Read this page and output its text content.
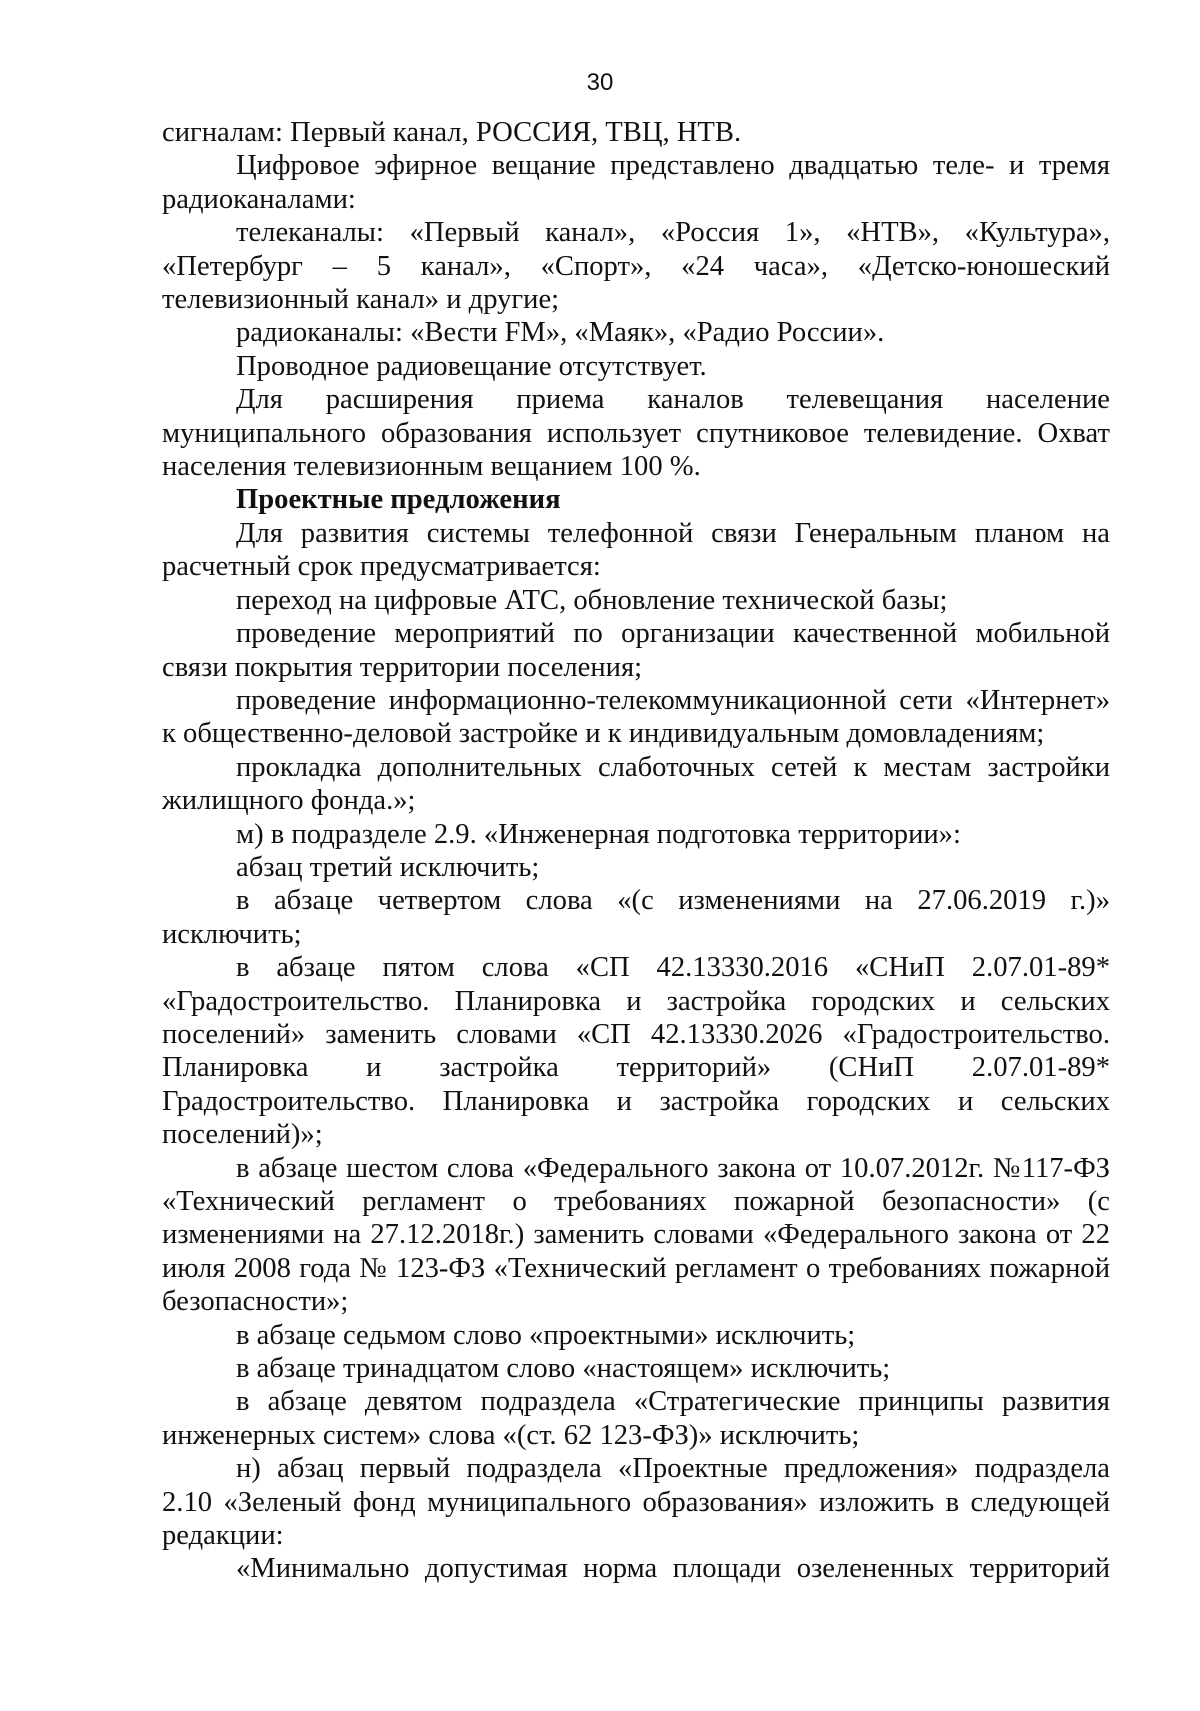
30

сигналам: Первый канал, РОССИЯ, ТВЦ, НТВ.

Цифровое эфирное вещание представлено двадцатью теле- и тремя радиоканалами:

телеканалы: «Первый канал», «Россия 1», «НТВ», «Культура», «Петербург – 5 канал», «Спорт», «24 часа», «Детско-юношеский телевизионный канал» и другие;

радиоканалы: «Вести FM», «Маяк», «Радио России».

Проводное радиовещание отсутствует.

Для расширения приема каналов телевещания население муниципального образования использует спутниковое телевидение. Охват населения телевизионным вещанием 100 %.

Проектные предложения

Для развития системы телефонной связи Генеральным планом на расчетный срок предусматривается:

переход на цифровые АТС, обновление технической базы;

проведение мероприятий по организации качественной мобильной связи покрытия территории поселения;

проведение информационно-телекоммуникационной сети «Интернет» к общественно-деловой застройке и к индивидуальным домовладениям;

прокладка дополнительных слаботочных сетей к местам застройки жилищного фонда.»;

м) в подразделе 2.9. «Инженерная подготовка территории»:

абзац третий исключить;

в абзаце четвертом слова «(с изменениями на 27.06.2019 г.)» исключить;

в абзаце пятом слова «СП 42.13330.2016 «СНиП 2.07.01-89* «Градостроительство. Планировка и застройка городских и сельских поселений» заменить словами «СП 42.13330.2026 «Градостроительство. Планировка и застройка территорий» (СНиП 2.07.01-89* Градостроительство. Планировка и застройка городских и сельских поселений)»;

в абзаце шестом слова «Федерального закона от 10.07.2012г. №117-ФЗ «Технический регламент о требованиях пожарной безопасности» (с изменениями на 27.12.2018г.) заменить словами «Федерального закона от 22 июля 2008 года № 123-ФЗ «Технический регламент о требованиях пожарной безопасности»;

в абзаце седьмом слово «проектными» исключить;

в абзаце тринадцатом слово «настоящем» исключить;

в абзаце девятом подраздела «Стратегические принципы развития инженерных систем» слова «(ст. 62 123-ФЗ)» исключить;

н) абзац первый подраздела «Проектные предложения» подраздела 2.10 «Зеленый фонд муниципального образования» изложить в следующей редакции:

«Минимально допустимая норма площади озелененных территорий
